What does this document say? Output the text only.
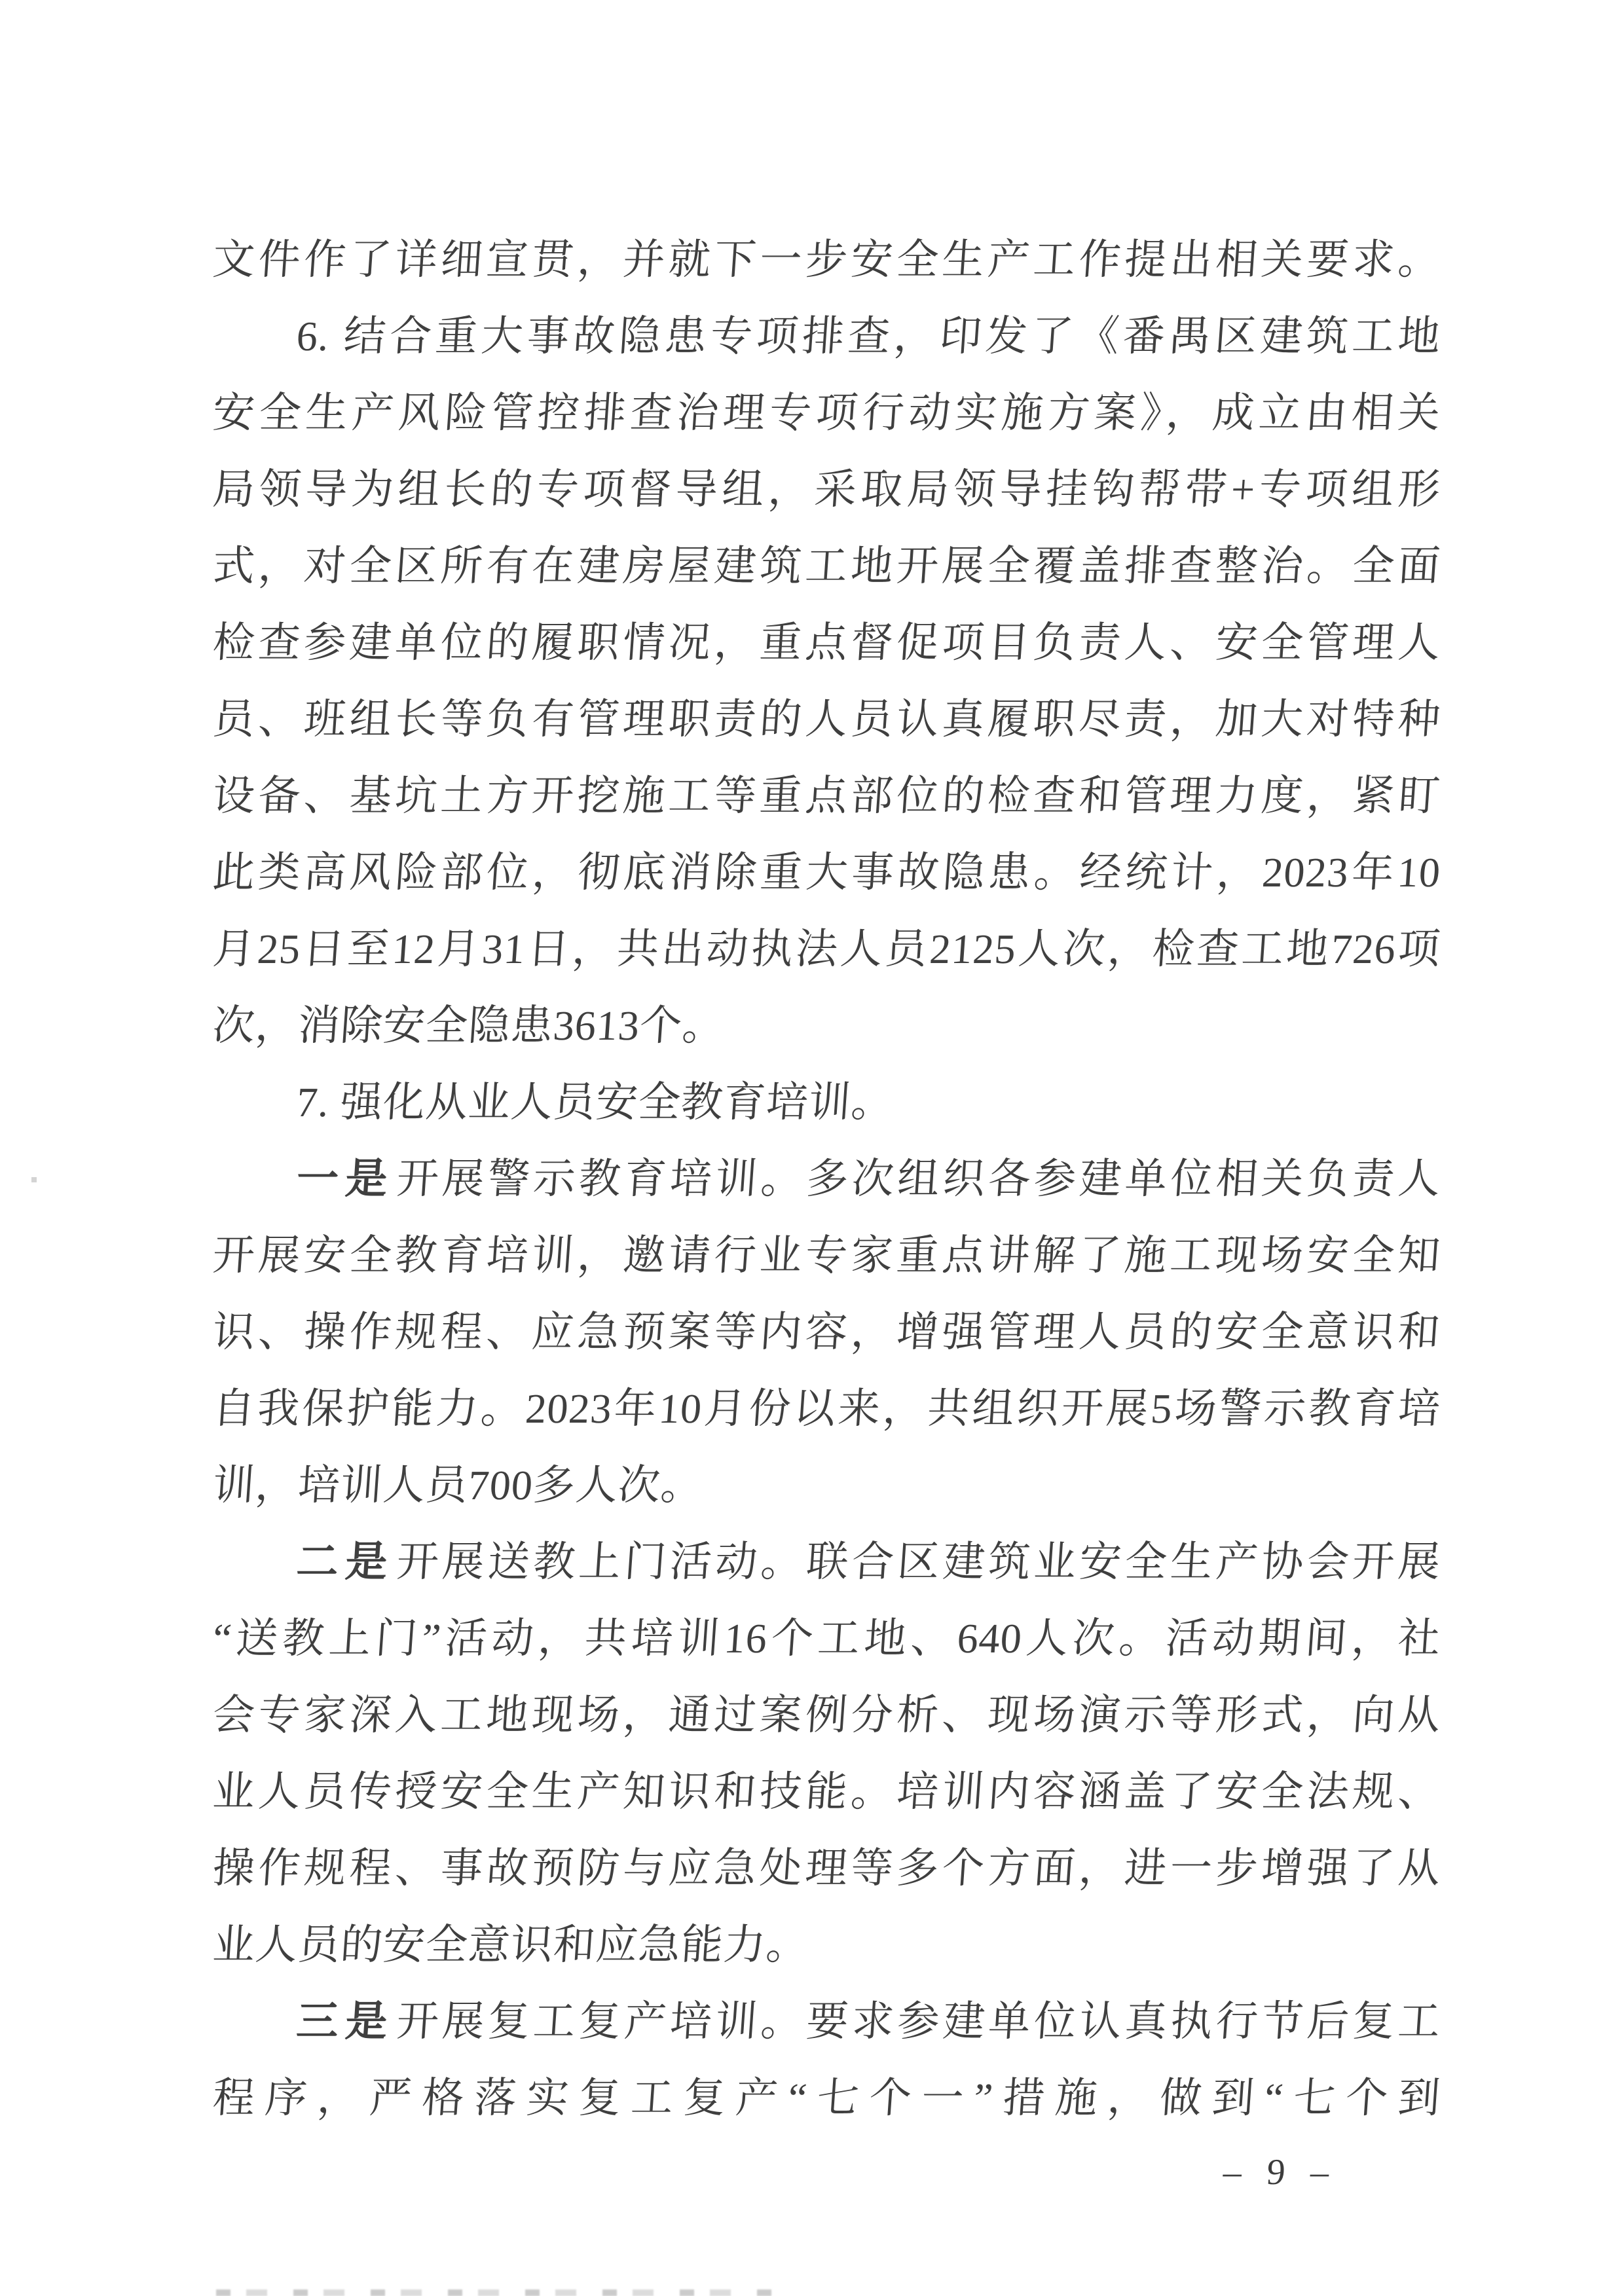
文件作了详细宣贯，并就下一步安全生产工作提出相关要求。
6. 结合重大事故隐患专项排查，印发了《番禺区建筑工地
安全生产风险管控排查治理专项行动实施方案》，成立由相关
局领导为组长的专项督导组，采取局领导挂钩帮带+专项组形
式，对全区所有在建房屋建筑工地开展全覆盖排查整治。全面
检查参建单位的履职情况，重点督促项目负责人、安全管理人
员、班组长等负有管理职责的人员认真履职尽责，加大对特种
设备、基坑土方开挖施工等重点部位的检查和管理力度，紧盯
此类高风险部位，彻底消除重大事故隐患。经统计，2023年10
月25日至12月31日，共出动执法人员2125人次，检查工地726项
次，消除安全隐患3613个。
7. 强化从业人员安全教育培训。
一是开展警示教育培训。多次组织各参建单位相关负责人
开展安全教育培训，邀请行业专家重点讲解了施工现场安全知
识、操作规程、应急预案等内容，增强管理人员的安全意识和
自我保护能力。2023年10月份以来，共组织开展5场警示教育培
训，培训人员700多人次。
二是开展送教上门活动。联合区建筑业安全生产协会开展
“送教上门”活动，共培训16个工地、640人次。活动期间，社
会专家深入工地现场，通过案例分析、现场演示等形式，向从
业人员传授安全生产知识和技能。培训内容涵盖了安全法规、
操作规程、事故预防与应急处理等多个方面，进一步增强了从
业人员的安全意识和应急能力。
三是开展复工复产培训。要求参建单位认真执行节后复工
程序，严格落实复工复产“七个一”措施，做到“七个到
– 9 –
